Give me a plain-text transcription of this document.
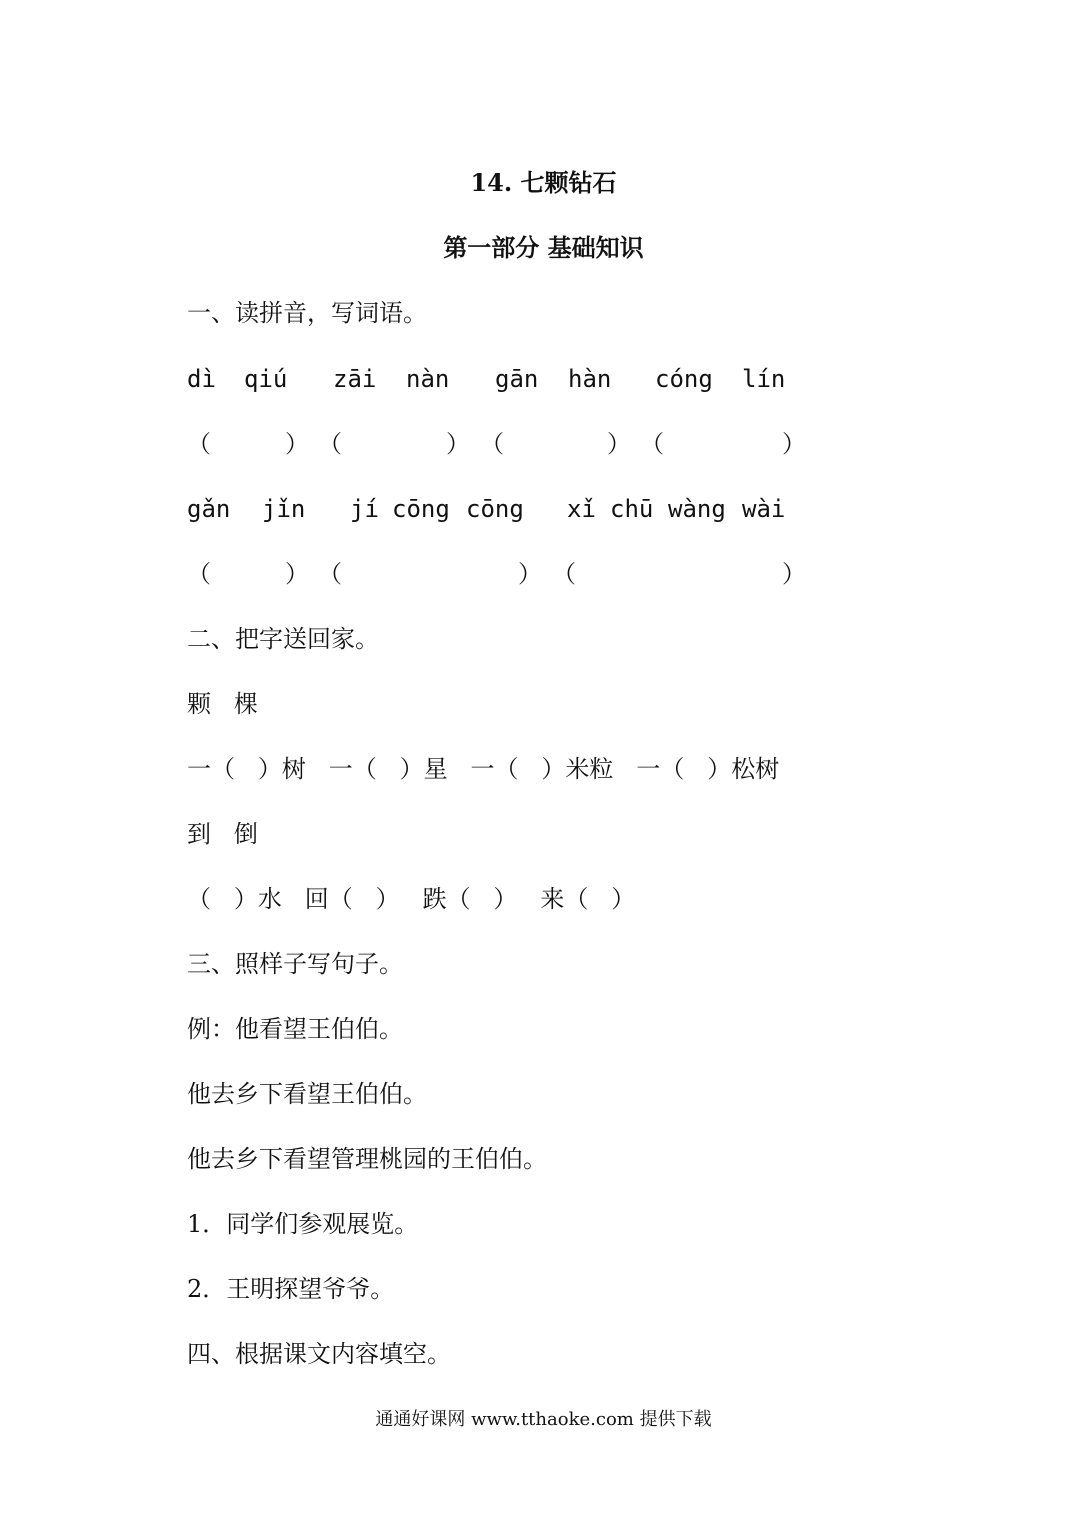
14. 七颗钻石
第一部分 基础知识
一、读拼音，写词语。
dì qiú zāi nàn gān hàn cóng lín
（	） （	） （	） （	）
gǎn jǐn jí cōng cōng xǐ chū wàng wài
（	） （	） （	）
二、把字送回家。
颗   棵
一（   ）树   一（   ）星   一（   ）米粒   一（   ）松树
到   倒
（   ）水   回（   ）   跌（   ）   来（   ）
三、照样子写句子。
例：他看望王伯伯。
他去乡下看望王伯伯。
他去乡下看望管理桃园的王伯伯。
1．同学们参观展览。
2．王明探望爷爷。
四、根据课文内容填空。
通通好课网 www.tthaoke.com 提供下载
